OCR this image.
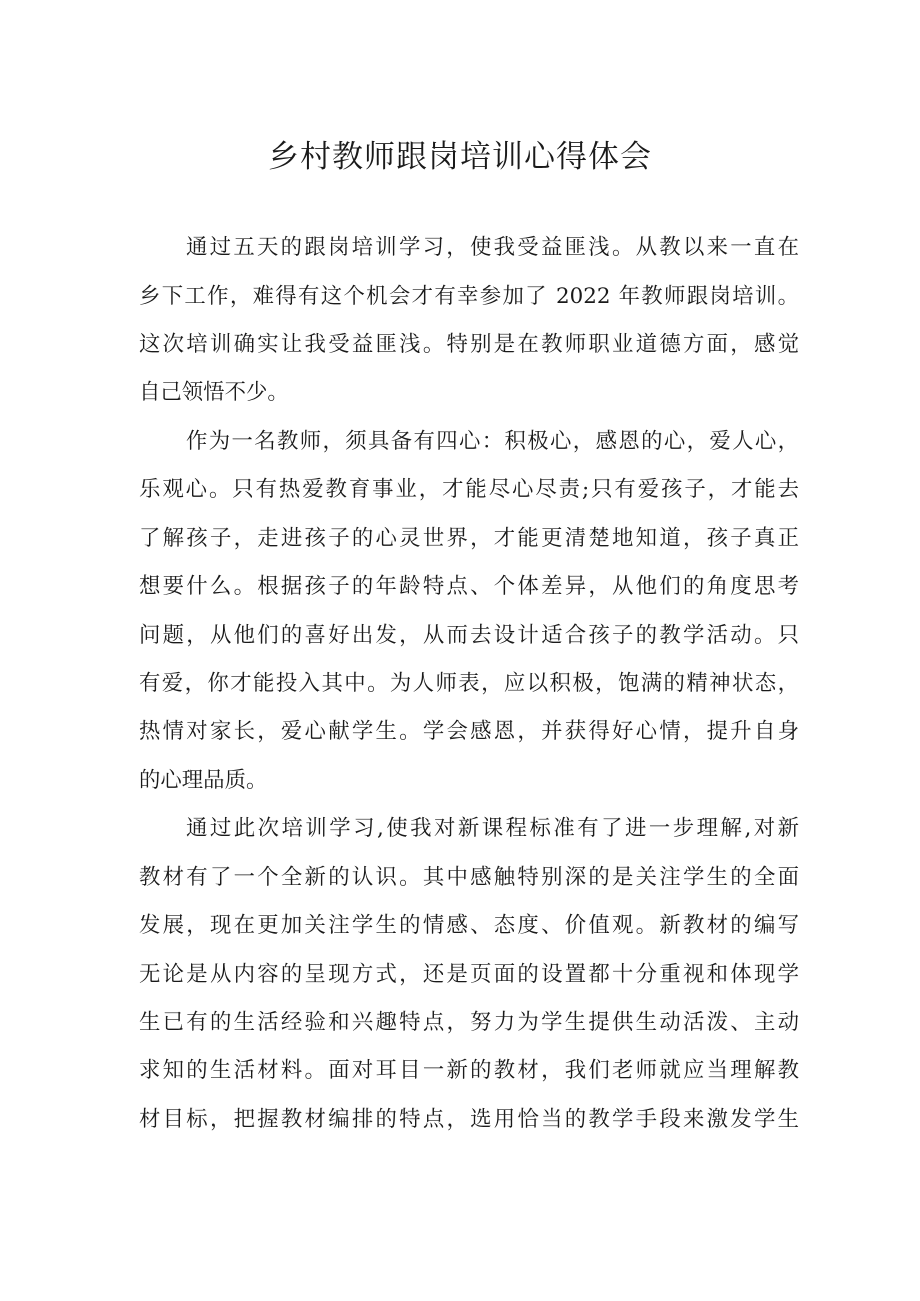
乡村教师跟岗培训心得体会

通过五天的跟岗培训学习，使我受益匪浅。从教以来一直在

乡下工作，难得有这个机会才有幸参加了 2022 年教师跟岗培训。

这次培训确实让我受益匪浅。特别是在教师职业道德方面，感觉

自己领悟不少。

作为一名教师，须具备有四心：积极心，感恩的心，爱人心，

乐观心。只有热爱教育事业，才能尽心尽责;只有爱孩子，才能去

了解孩子，走进孩子的心灵世界，才能更清楚地知道，孩子真正

想要什么。根据孩子的年龄特点、个体差异，从他们的角度思考

问题，从他们的喜好出发，从而去设计适合孩子的教学活动。只

有爱，你才能投入其中。为人师表，应以积极，饱满的精神状态，

热情对家长，爱心献学生。学会感恩，并获得好心情，提升自身

的心理品质。

通过此次培训学习,使我对新课程标准有了进一步理解,对新

教材有了一个全新的认识。其中感触特别深的是关注学生的全面

发展，现在更加关注学生的情感、态度、价值观。新教材的编写

无论是从内容的呈现方式，还是页面的设置都十分重视和体现学

生已有的生活经验和兴趣特点，努力为学生提供生动活泼、主动

求知的生活材料。面对耳目一新的教材，我们老师就应当理解教

材目标，把握教材编排的特点，选用恰当的教学手段来激发学生
